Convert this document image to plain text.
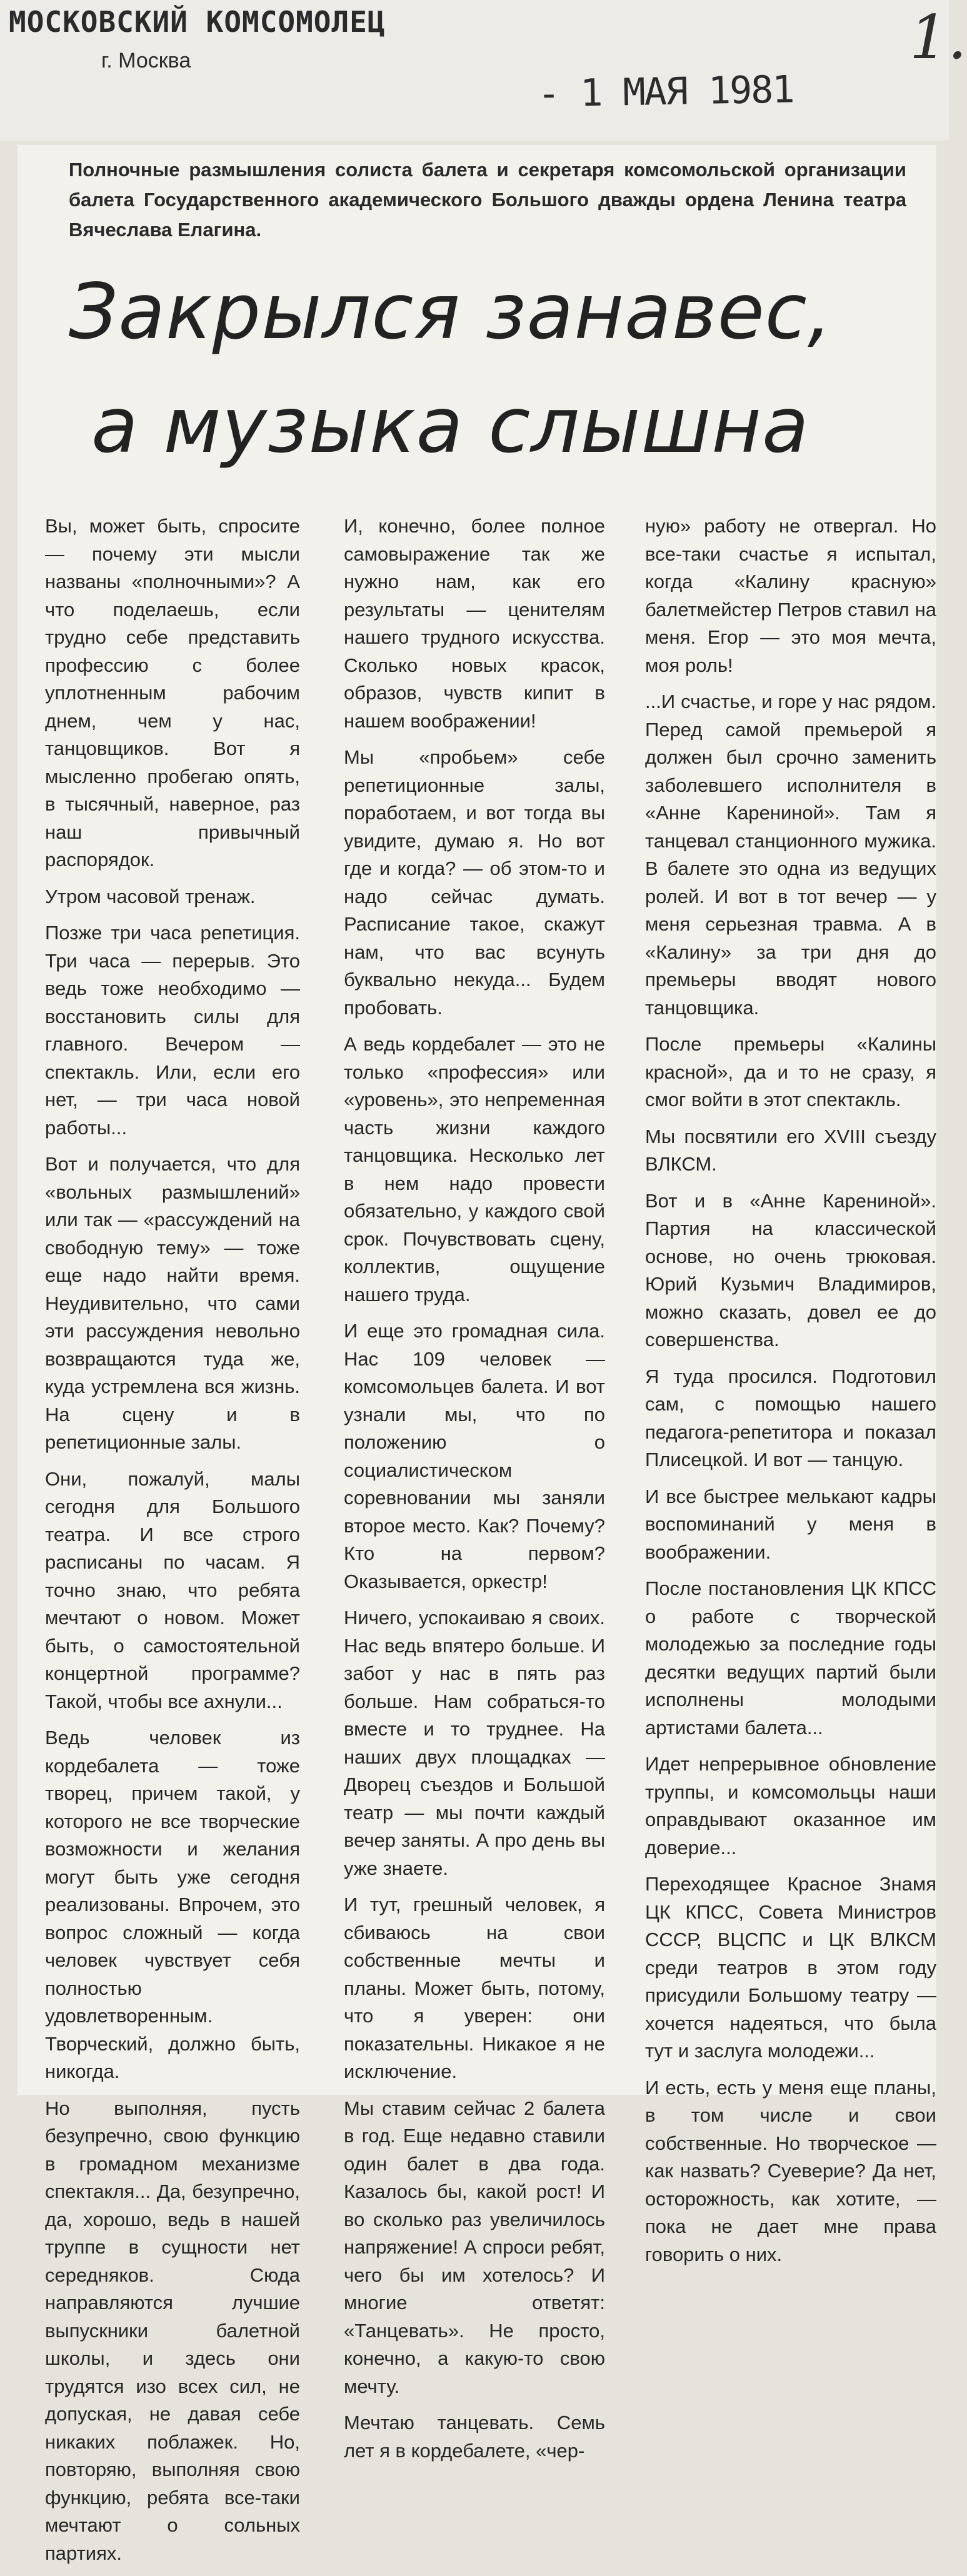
МОСКОВСКИЙ КОМСОМОЛЕЦ
г. Москва
- 1 МАЯ 1981
1.
Полночные размышления солиста балета и секретаря комсомольской организации балета Государственного академического Большого дважды ордена Ленина театра Вячеслава Елагина.
Закрылся занавес,
а музыка слышна

Вы, может быть, спросите — почему эти мысли названы «полночными»? А что поделаешь, если трудно себе представить профессию с более уплотненным рабочим днем, чем у нас, танцовщиков. Вот я мысленно пробегаю опять, в тысячный, наверное, раз наш привычный распорядок.

Утром часовой тренаж.

Позже три часа репетиция. Три часа — перерыв. Это ведь тоже необходимо — восстановить силы для главного. Вечером — спектакль. Или, если его нет, — три часа новой работы...

Вот и получается, что для «вольных размышлений» или так — «рассуждений на свободную тему» — тоже еще надо найти время. Неудивительно, что сами эти рассуждения невольно возвращаются туда же, куда устремлена вся жизнь. На сцену и в репетиционные залы.

Они, пожалуй, малы сегодня для Большого театра. И все строго расписаны по часам. Я точно знаю, что ребята мечтают о новом. Может быть, о самостоятельной концертной программе? Такой, чтобы все ахнули...

Ведь человек из кордебалета — тоже творец, причем такой, у которого не все творческие возможности и желания могут быть уже сегодня реализованы. Впрочем, это вопрос сложный — когда человек чувствует себя полностью удовлетворенным. Творческий, должно быть, никогда.

Но выполняя, пусть безупречно, свою функцию в громадном механизме спектакля... Да, безупречно, да, хорошо, ведь в нашей труппе в сущности нет середняков. Сюда направляются лучшие выпускники балетной школы, и здесь они трудятся изо всех сил, не допуская, не давая себе никаких поблажек. Но, повторяю, выполняя свою функцию, ребята все-таки мечтают о сольных партиях.

И, конечно, более полное самовыражение так же нужно нам, как его результаты — ценителям нашего трудного искусства. Сколько новых красок, образов, чувств кипит в нашем воображении!

Мы «пробьем» себе репетиционные залы, поработаем, и вот тогда вы увидите, думаю я. Но вот где и когда? — об этом-то и надо сейчас думать. Расписание такое, скажут нам, что вас всунуть буквально некуда... Будем пробовать.

А ведь кордебалет — это не только «профессия» или «уровень», это непременная часть жизни каждого танцовщика. Несколько лет в нем надо провести обязательно, у каждого свой срок. Почувствовать сцену, коллектив, ощущение нашего труда.

И еще это громадная сила. Нас 109 человек — комсомольцев балета. И вот узнали мы, что по положению о социалистическом соревновании мы заняли второе место. Как? Почему? Кто на первом? Оказывается, оркестр!

Ничего, успокаиваю я своих. Нас ведь впятеро больше. И забот у нас в пять раз больше. Нам собраться-то вместе и то труднее. На наших двух площадках — Дворец съездов и Большой театр — мы почти каждый вечер заняты. А про день вы уже знаете.

И тут, грешный человек, я сбиваюсь на свои собственные мечты и планы. Может быть, потому, что я уверен: они показательны. Никакое я не исключение.

Мы ставим сейчас 2 балета в год. Еще недавно ставили один балет в два года. Казалось бы, какой рост! И во сколько раз увеличилось напряжение! А спроси ребят, чего бы им хотелось? И многие ответят: «Танцевать». Не просто, конечно, а какую-то свою мечту.

Мечтаю танцевать. Семь лет я в кордебалете, «чер-

ную» работу не отвергал. Но все-таки счастье я испытал, когда «Калину красную» балетмейстер Петров ставил на меня. Егор — это моя мечта, моя роль!

...И счастье, и горе у нас рядом. Перед самой премьерой я должен был срочно заменить заболевшего исполнителя в «Анне Карениной». Там я танцевал станционного мужика. В балете это одна из ведущих ролей. И вот в тот вечер — у меня серьезная травма. А в «Калину» за три дня до премьеры вводят нового танцовщика.

После премьеры «Калины красной», да и то не сразу, я смог войти в этот спектакль.

Мы посвятили его XVIII съезду ВЛКСМ.

Вот и в «Анне Карениной». Партия на классической основе, но очень трюковая. Юрий Кузьмич Владимиров, можно сказать, довел ее до совершенства.

Я туда просился. Подготовил сам, с помощью нашего педагога-репетитора и показал Плисецкой. И вот — танцую.

И все быстрее мелькают кадры воспоминаний у меня в воображении.

После постановления ЦК КПСС о работе с творческой молодежью за последние годы десятки ведущих партий были исполнены молодыми артистами балета...

Идет непрерывное обновление труппы, и комсомольцы наши оправдывают оказанное им доверие...

Переходящее Красное Знамя ЦК КПСС, Совета Министров СССР, ВЦСПС и ЦК ВЛКСМ среди театров в этом году присудили Большому театру — хочется надеяться, что была тут и заслуга молодежи...

И есть, есть у меня еще планы, в том числе и свои собственные. Но творческое — как назвать? Суеверие? Да нет, осторожность, как хотите, — пока не дает мне права говорить о них.
